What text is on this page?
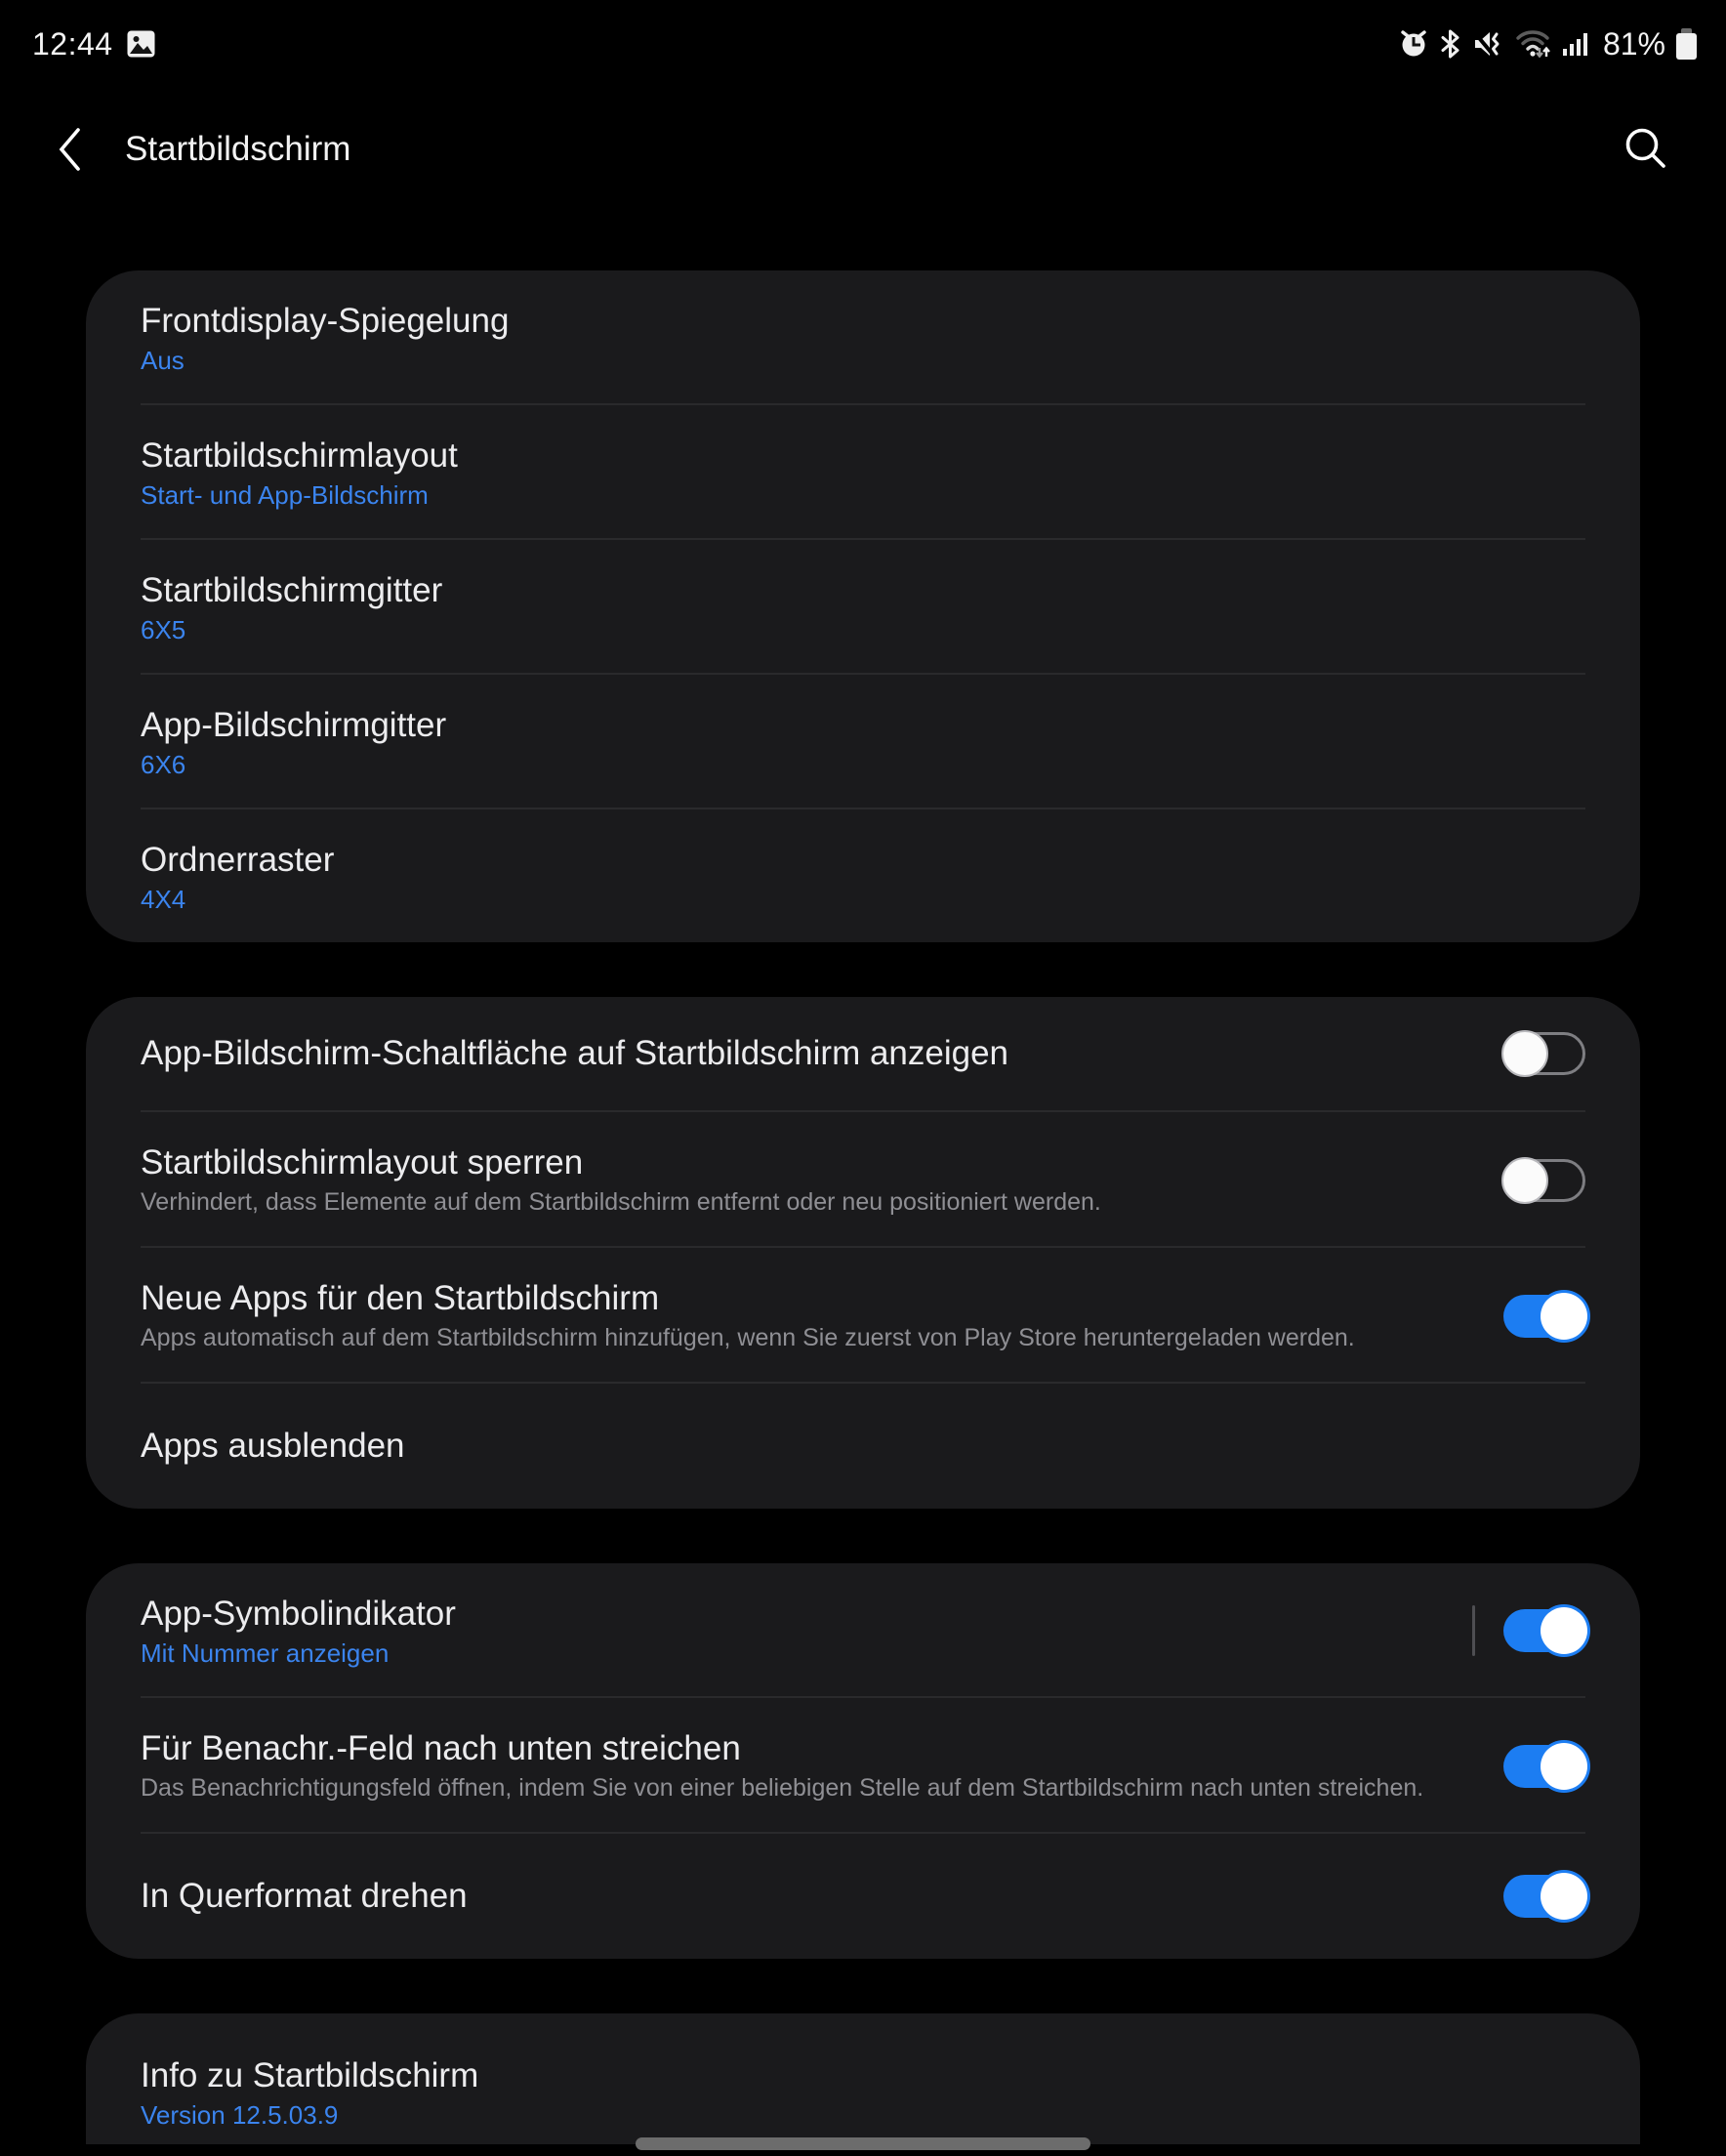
12:44	81%
Startbildschirm
Frontdisplay-Spiegelung
Aus
Startbildschirmlayout
Start- und App-Bildschirm
Startbildschirmgitter
6X5
App-Bildschirmgitter
6X6
Ordnerraster
4X4
App-Bildschirm-Schaltfläche auf Startbildschirm anzeigen
Startbildschirmlayout sperren
Verhindert, dass Elemente auf dem Startbildschirm entfernt oder neu positioniert werden.
Neue Apps für den Startbildschirm
Apps automatisch auf dem Startbildschirm hinzufügen, wenn Sie zuerst von Play Store heruntergeladen werden.
Apps ausblenden
App-Symbolindikator
Mit Nummer anzeigen
Für Benachr.-Feld nach unten streichen
Das Benachrichtigungsfeld öffnen, indem Sie von einer beliebigen Stelle auf dem Startbildschirm nach unten streichen.
In Querformat drehen
Info zu Startbildschirm
Version 12.5.03.9
